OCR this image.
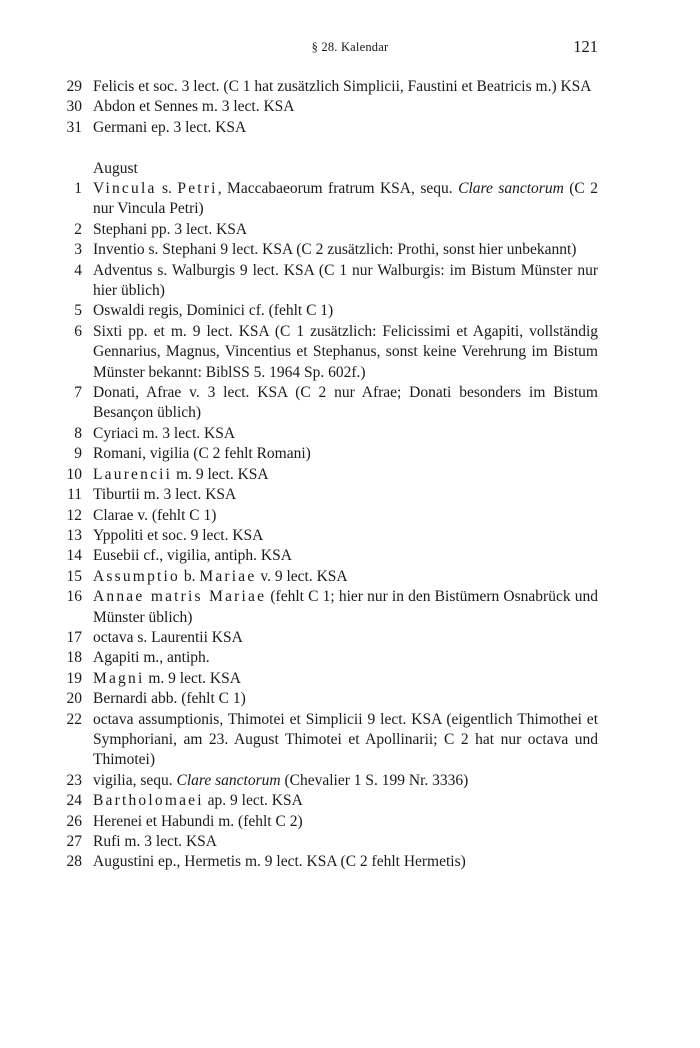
§ 28. Kalendar	121
29 Felicis et soc. 3 lect. (C 1 hat zusätzlich Simplicii, Faustini et Beatricis m.) KSA
30 Abdon et Sennes m. 3 lect. KSA
31 Germani ep. 3 lect. KSA
August
1 Vincula s. Petri, Maccabaeorum fratrum KSA, sequ. Clare sanctorum (C 2 nur Vincula Petri)
2 Stephani pp. 3 lect. KSA
3 Inventio s. Stephani 9 lect. KSA (C 2 zusätzlich: Prothi, sonst hier unbekannt)
4 Adventus s. Walburgis 9 lect. KSA (C 1 nur Walburgis: im Bistum Münster nur hier üblich)
5 Oswaldi regis, Dominici cf. (fehlt C 1)
6 Sixti pp. et m. 9 lect. KSA (C 1 zusätzlich: Felicissimi et Agapiti, vollständig Gennarius, Magnus, Vincentius et Stephanus, sonst keine Verehrung im Bistum Münster bekannt: BiblSS 5. 1964 Sp. 602f.)
7 Donati, Afrae v. 3 lect. KSA (C 2 nur Afrae; Donati besonders im Bistum Besançon üblich)
8 Cyriaci m. 3 lect. KSA
9 Romani, vigilia (C 2 fehlt Romani)
10 Laurencii m. 9 lect. KSA
11 Tiburtii m. 3 lect. KSA
12 Clarae v. (fehlt C 1)
13 Yppoliti et soc. 9 lect. KSA
14 Eusebii cf., vigilia, antiph. KSA
15 Assumptio b. Mariae v. 9 lect. KSA
16 Annae matris Mariae (fehlt C 1; hier nur in den Bistümern Osnabrück und Münster üblich)
17 octava s. Laurentii KSA
18 Agapiti m., antiph.
19 Magni m. 9 lect. KSA
20 Bernardi abb. (fehlt C 1)
22 octava assumptionis, Thimotei et Simplicii 9 lect. KSA (eigentlich Thimothei et Symphoriani, am 23. August Thimotei et Apollinarii; C 2 hat nur octava und Thimotei)
23 vigilia, sequ. Clare sanctorum (Chevalier 1 S. 199 Nr. 3336)
24 Bartholomaei ap. 9 lect. KSA
26 Herenei et Habundi m. (fehlt C 2)
27 Rufi m. 3 lect. KSA
28 Augustini ep., Hermetis m. 9 lect. KSA (C 2 fehlt Hermetis)
